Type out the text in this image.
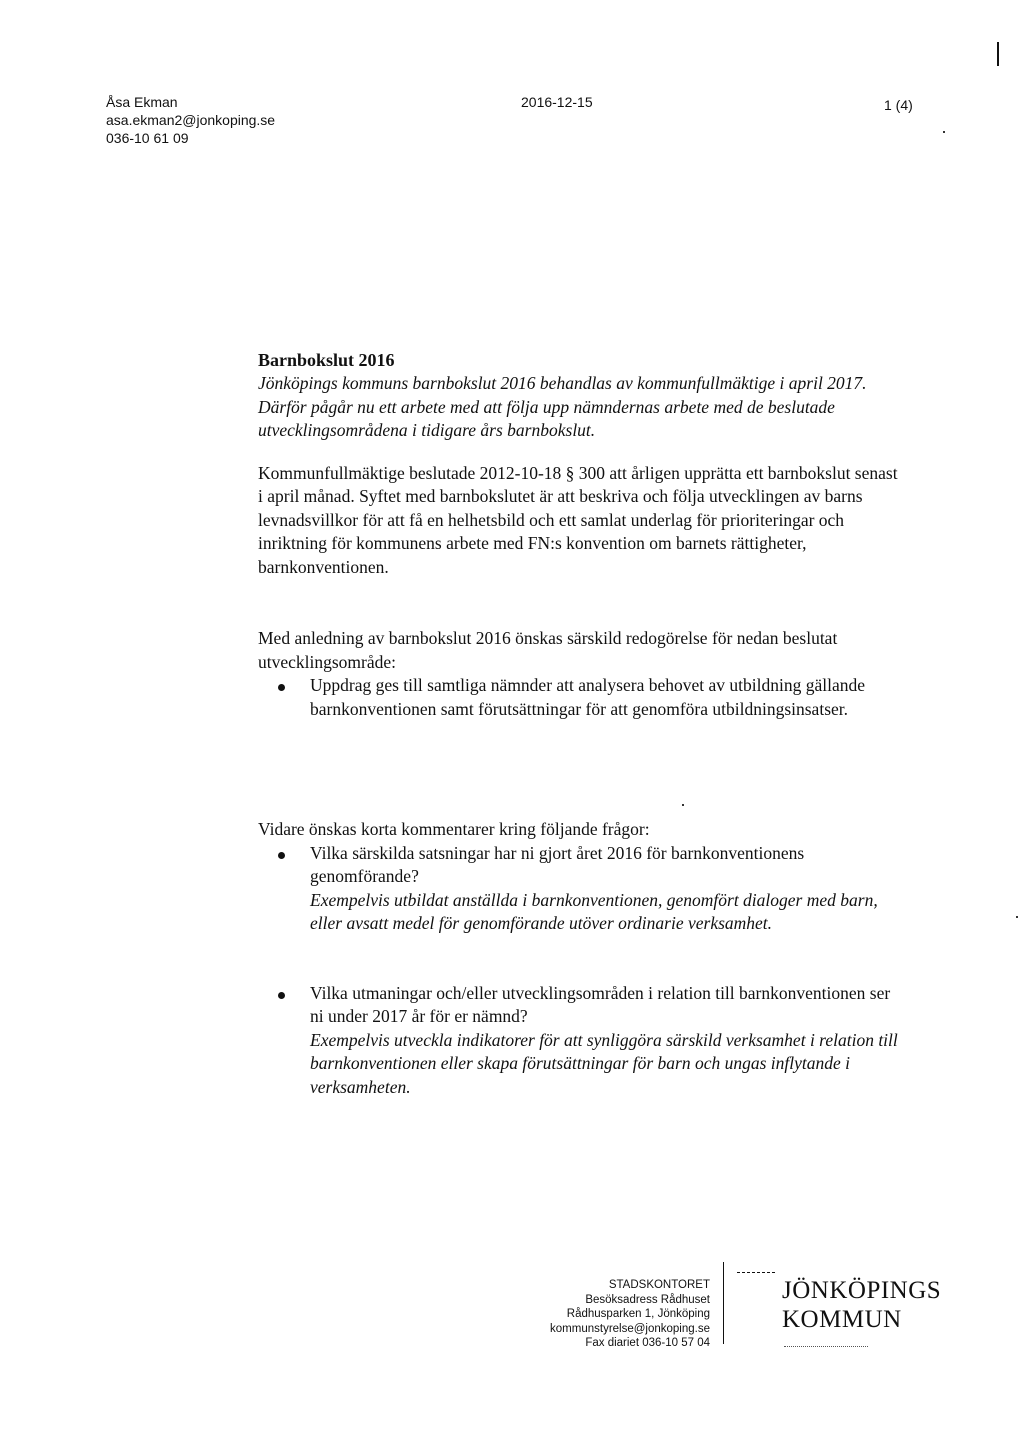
Åsa Ekman
asa.ekman2@jonkoping.se
036-10 61 09
2016-12-15	1 (4)
Barnbokslut 2016

Jönköpings kommuns barnbokslut 2016 behandlas av kommunfullmäktige i april 2017. Därför pågår nu ett arbete med att följa upp nämndernas arbete med de beslutade utvecklingsområdena i tidigare års barnbokslut.

Kommunfullmäktige beslutade 2012-10-18 § 300 att årligen upprätta ett barnbokslut senast i april månad. Syftet med barnbokslutet är att beskriva och följa utvecklingen av barns levnadsvillkor för att få en helhetsbild och ett samlat underlag för prioriteringar och inriktning för kommunens arbete med FN:s konvention om barnets rättigheter, barnkonventionen.

Med anledning av barnbokslut 2016 önskas särskild redogörelse för nedan beslutat utvecklingsområde:

Uppdrag ges till samtliga nämnder att analysera behovet av utbildning gällande barnkonventionen samt förutsättningar för att genomföra utbildningsinsatser.

Vidare önskas korta kommentarer kring följande frågor:

Vilka särskilda satsningar har ni gjort året 2016 för barnkonventionens genomförande?
Exempelvis utbildat anställda i barnkonventionen, genomfört dialoger med barn, eller avsatt medel för genomförande utöver ordinarie verksamhet.
Vilka utmaningar och/eller utvecklingsområden i relation till barnkonventionen ser ni under 2017 år för er nämnd?
Exempelvis utveckla indikatorer för att synliggöra särskild verksamhet i relation till barnkonventionen eller skapa förutsättningar för barn och ungas inflytande i verksamheten.
STADSKONTORET
Besöksadress Rådhuset
Rådhusparken 1, Jönköping
kommunstyrelse@jonkoping.se
Fax diariet 036-10 57 04
JÖNKÖPINGS
KOMMUN
